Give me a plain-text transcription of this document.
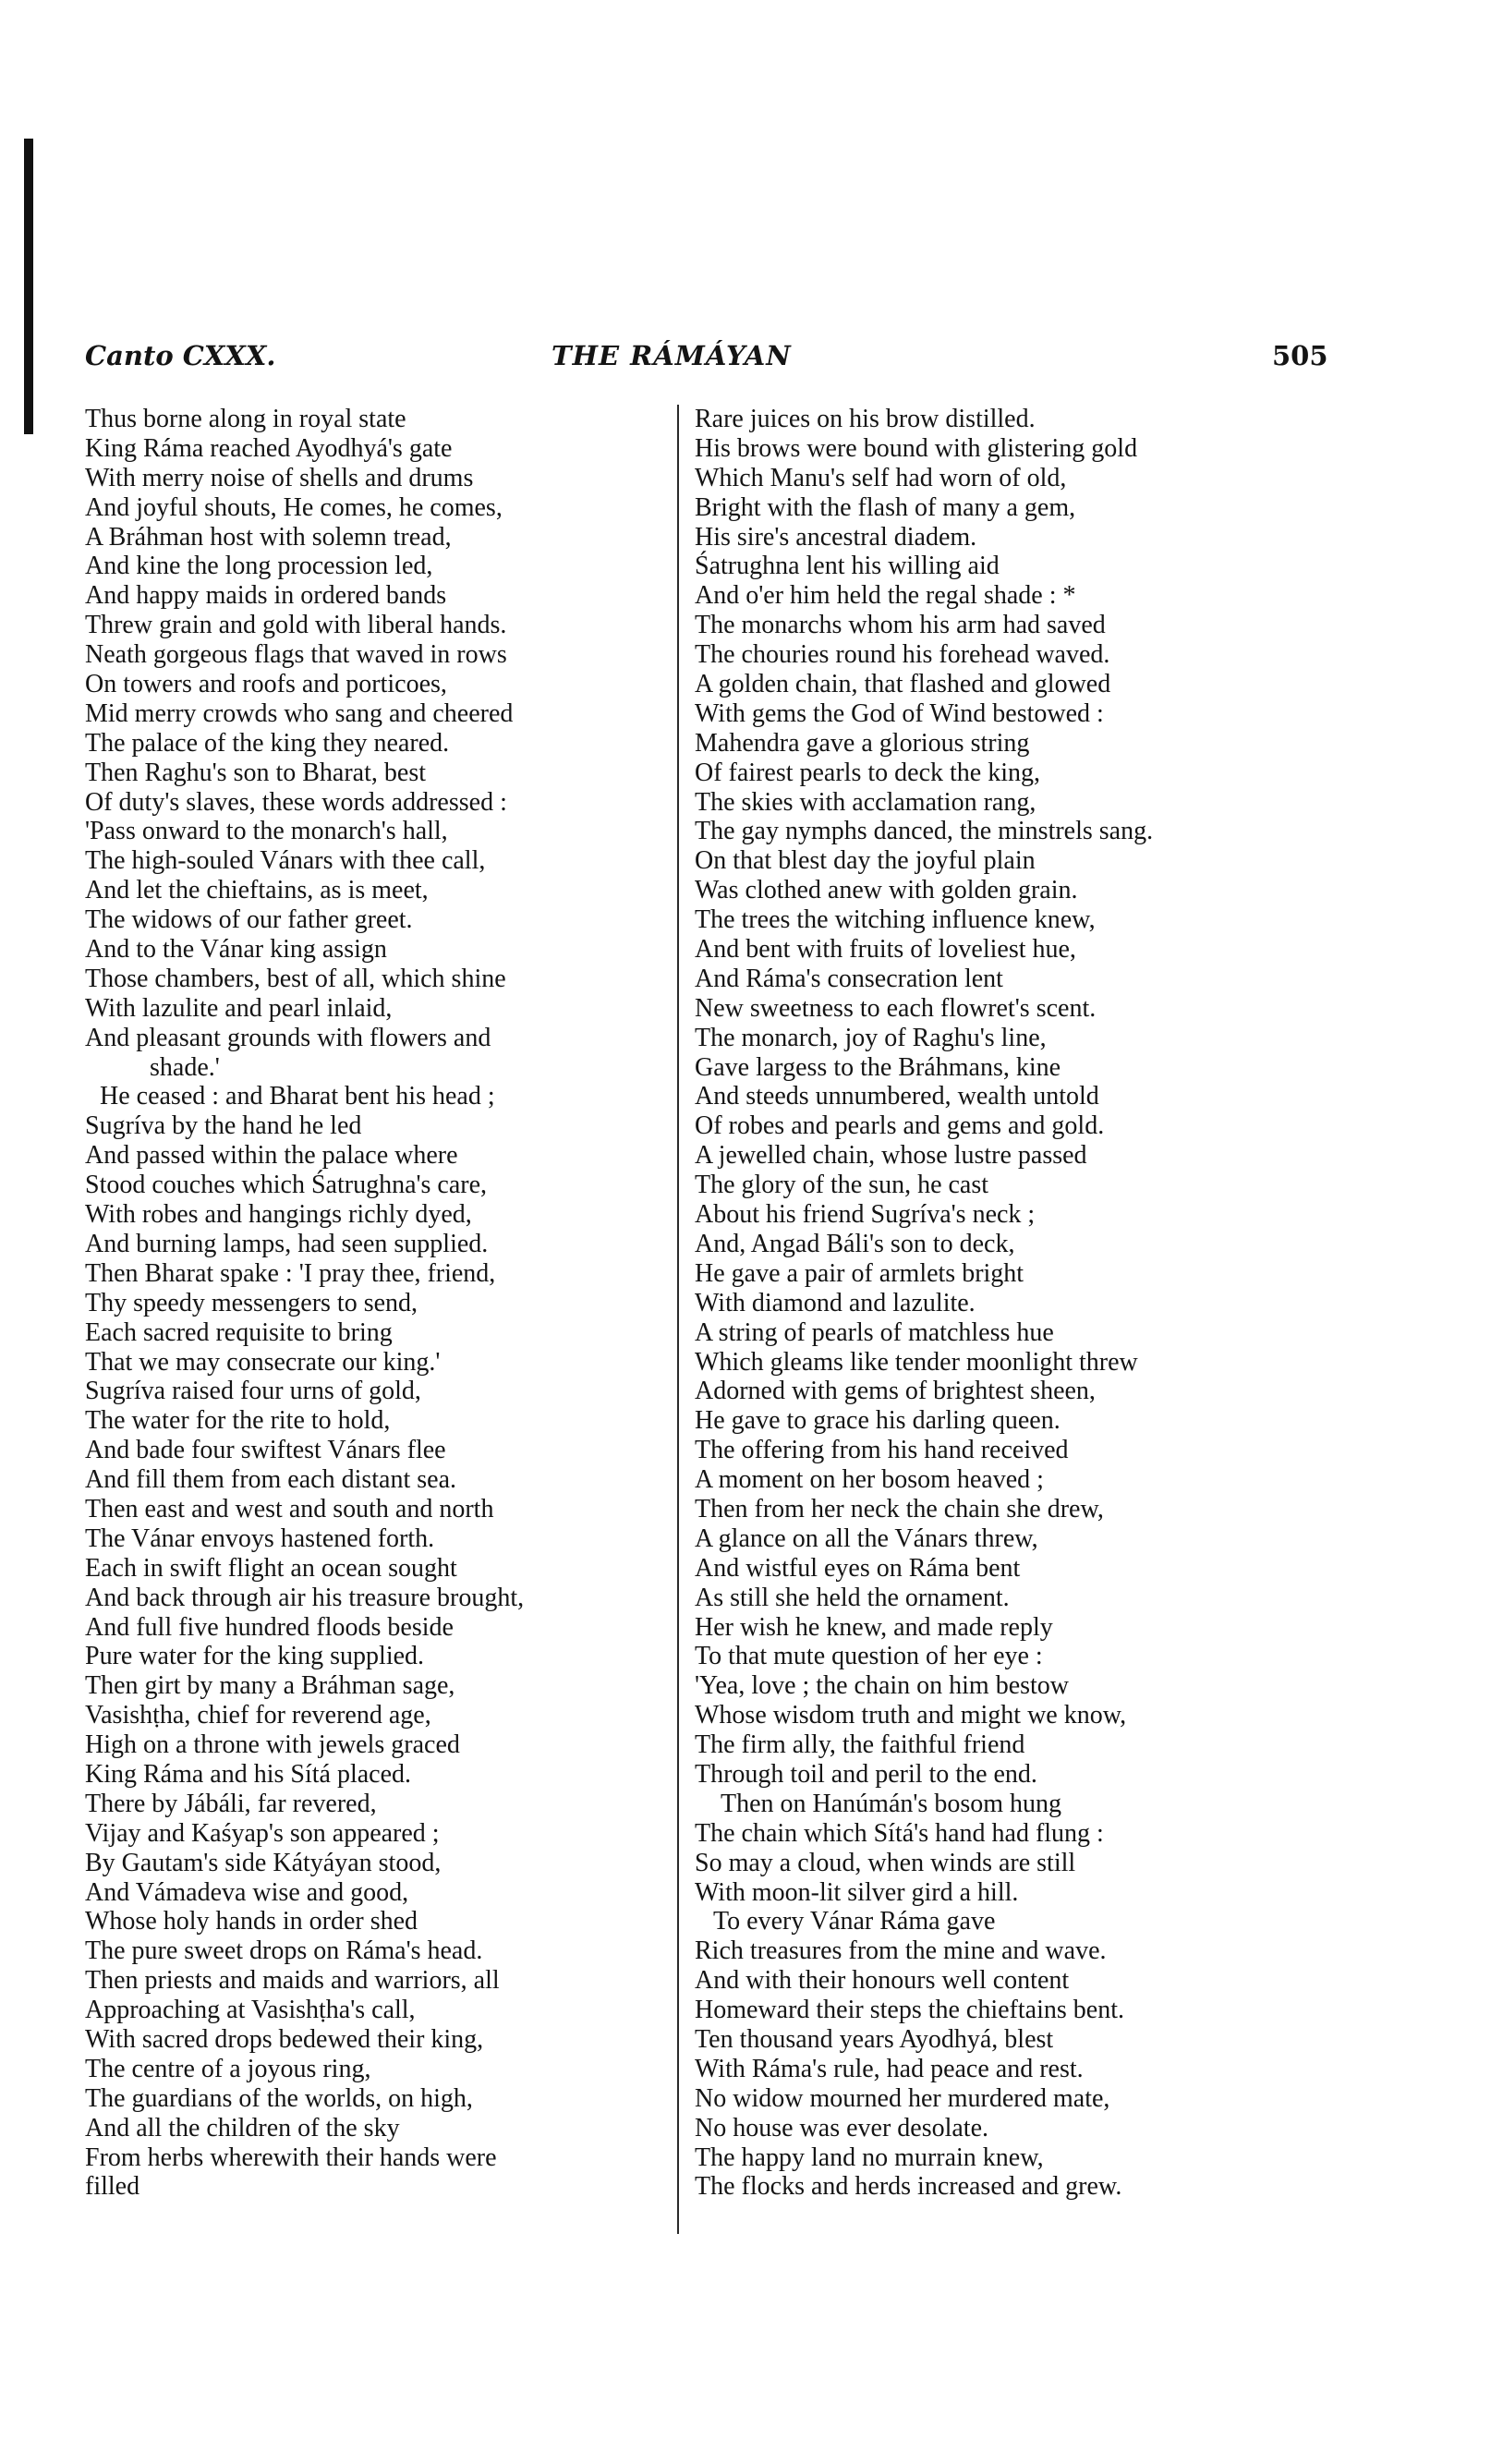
Canto CXXX.	THE RÁMÁYAN	505
Thus borne along in royal state
King Ráma reached Ayodhyá's gate
With merry noise of shells and drums
And joyful shouts, He comes, he comes,
A Bráhman host with solemn tread,
And kine the long procession led,
And happy maids in ordered bands
Threw grain and gold with liberal hands.
Neath gorgeous flags that waved in rows
On towers and roofs and porticoes,
Mid merry crowds who sang and cheered
The palace of the king they neared.
Then Raghu's son to Bharat, best
Of duty's slaves, these words addressed :
'Pass onward to the monarch's hall,
The high-souled Vánars with thee call,
And let the chieftains, as is meet,
The widows of our father greet.
And to the Vánar king assign
Those chambers, best of all, which shine
With lazulite and pearl inlaid,
And pleasant grounds with flowers and
shade.'
He ceased : and Bharat bent his head ;
Sugríva by the hand he led
And passed within the palace where
Stood couches which Śatrughna's care,
With robes and hangings richly dyed,
And burning lamps, had seen supplied.
Then Bharat spake : 'I pray thee, friend,
Thy speedy messengers to send,
Each sacred requisite to bring
That we may consecrate our king.'
Sugríva raised four urns of gold,
The water for the rite to hold,
And bade four swiftest Vánars flee
And fill them from each distant sea.
Then east and west and south and north
The Vánar envoys hastened forth.
Each in swift flight an ocean sought
And back through air his treasure brought,
And full five hundred floods beside
Pure water for the king supplied.
Then girt by many a Bráhman sage,
Vasishṭha, chief for reverend age,
High on a throne with jewels graced
King Ráma and his Sítá placed.
There by Jábáli, far revered,
Vijay and Kaśyap's son appeared ;
By Gautam's side Kátyáyan stood,
And Vámadeva wise and good,
Whose holy hands in order shed
The pure sweet drops on Ráma's head.
Then priests and maids and warriors, all
Approaching at Vasishṭha's call,
With sacred drops bedewed their king,
The centre of a joyous ring,
The guardians of the worlds, on high,
And all the children of the sky
From herbs wherewith their hands were
filled
Rare juices on his brow distilled.
His brows were bound with glistering gold
Which Manu's self had worn of old,
Bright with the flash of many a gem,
His sire's ancestral diadem.
Śatrughna lent his willing aid
And o'er him held the regal shade : *
The monarchs whom his arm had saved
The chouries round his forehead waved.
A golden chain, that flashed and glowed
With gems the God of Wind bestowed :
Mahendra gave a glorious string
Of fairest pearls to deck the king,
The skies with acclamation rang,
The gay nymphs danced, the minstrels sang.
On that blest day the joyful plain
Was clothed anew with golden grain.
The trees the witching influence knew,
And bent with fruits of loveliest hue,
And Ráma's consecration lent
New sweetness to each flowret's scent.
The monarch, joy of Raghu's line,
Gave largess to the Bráhmans, kine
And steeds unnumbered, wealth untold
Of robes and pearls and gems and gold.
A jewelled chain, whose lustre passed
The glory of the sun, he cast
About his friend Sugríva's neck ;
And, Angad Báli's son to deck,
He gave a pair of armlets bright
With diamond and lazulite.
A string of pearls of matchless hue
Which gleams like tender moonlight threw
Adorned with gems of brightest sheen,
He gave to grace his darling queen.
The offering from his hand received
A moment on her bosom heaved ;
Then from her neck the chain she drew,
A glance on all the Vánars threw,
And wistful eyes on Ráma bent
As still she held the ornament.
Her wish he knew, and made reply
To that mute question of her eye :
'Yea, love ; the chain on him bestow
Whose wisdom truth and might we know,
The firm ally, the faithful friend
Through toil and peril to the end.
Then on Hanúmán's bosom hung
The chain which Sítá's hand had flung :
So may a cloud, when winds are still
With moon-lit silver gird a hill.
To every Vánar Ráma gave
Rich treasures from the mine and wave.
And with their honours well content
Homeward their steps the chieftains bent.
Ten thousand years Ayodhyá, blest
With Ráma's rule, had peace and rest.
No widow mourned her murdered mate,
No house was ever desolate.
The happy land no murrain knew,
The flocks and herds increased and grew.
